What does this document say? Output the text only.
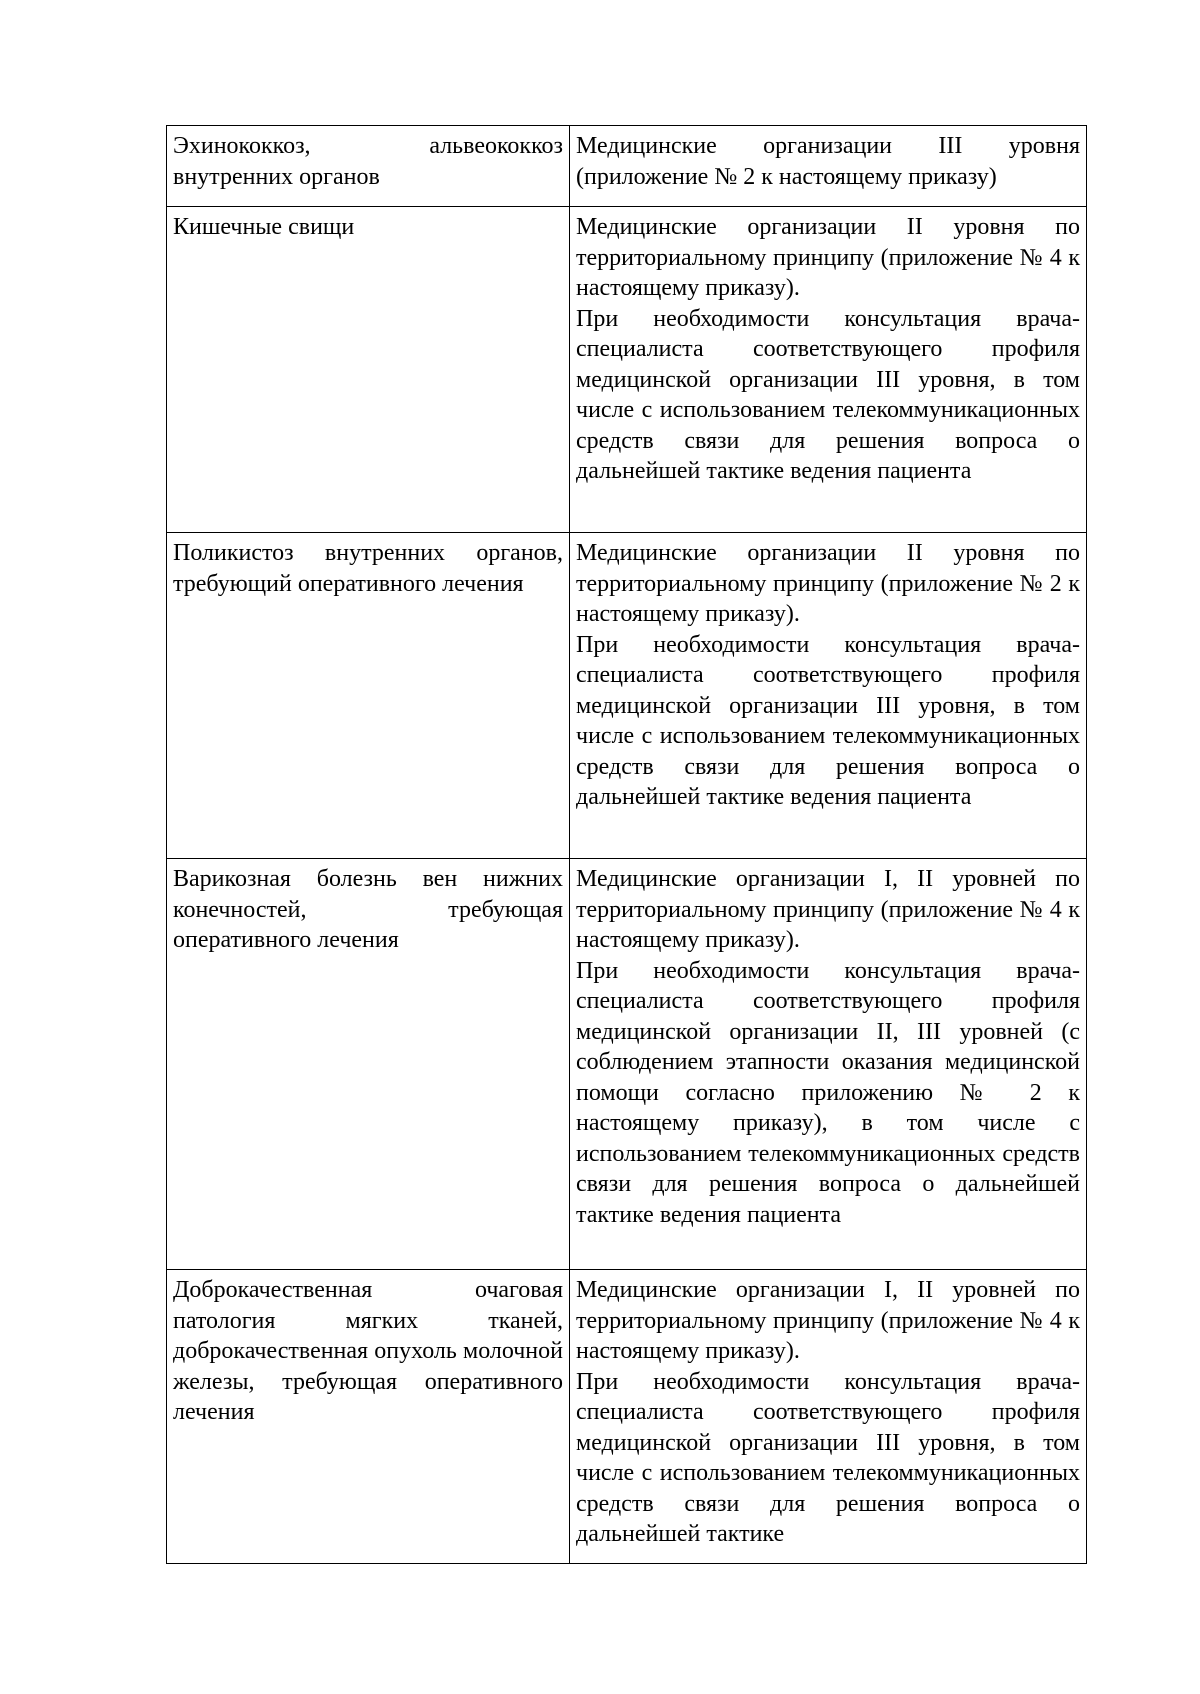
Эхинококкоз, альвеококкоз внутренних органов	Медицинские организации III уровня (приложение № 2 к настоящему приказу)

Кишечные свищи	Медицинские организации II уровня по территориальному принципу (приложение № 4 к настоящему приказу).

При необходимости консультация врача-специалиста соответствующего профиля медицинской организации III уровня, в том числе с использованием телекоммуникационных средств связи для решения вопроса о дальнейшей тактике ведения пациента

Поликистоз внутренних органов, требующий оперативного лечения	Медицинские организации II уровня по территориальному принципу (приложение № 2 к настоящему приказу).

При необходимости консультация врача-специалиста соответствующего профиля медицинской организации III уровня, в том числе с использованием телекоммуникационных средств связи для решения вопроса о дальнейшей тактике ведения пациента

Варикозная болезнь вен нижних конечностей, требующая оперативного лечения	Медицинские организации I, II уровней по территориальному принципу (приложение № 4 к настоящему приказу).

При необходимости консультация врача-специалиста соответствующего профиля медицинской организации II, III уровней (с соблюдением этапности оказания медицинской помощи согласно приложению № 2 к настоящему приказу), в том числе с использованием телекоммуникационных средств связи для решения вопроса о дальнейшей тактике ведения пациента

Доброкачественная очаговая патология мягких тканей, доброкачественная опухоль молочной железы, требующая оперативного лечения	Медицинские организации I, II уровней по территориальному принципу (приложение № 4 к настоящему приказу).

При необходимости консультация врача-специалиста соответствующего профиля медицинской организации III уровня, в том числе с использованием телекоммуникационных средств связи для решения вопроса о дальнейшей тактике
